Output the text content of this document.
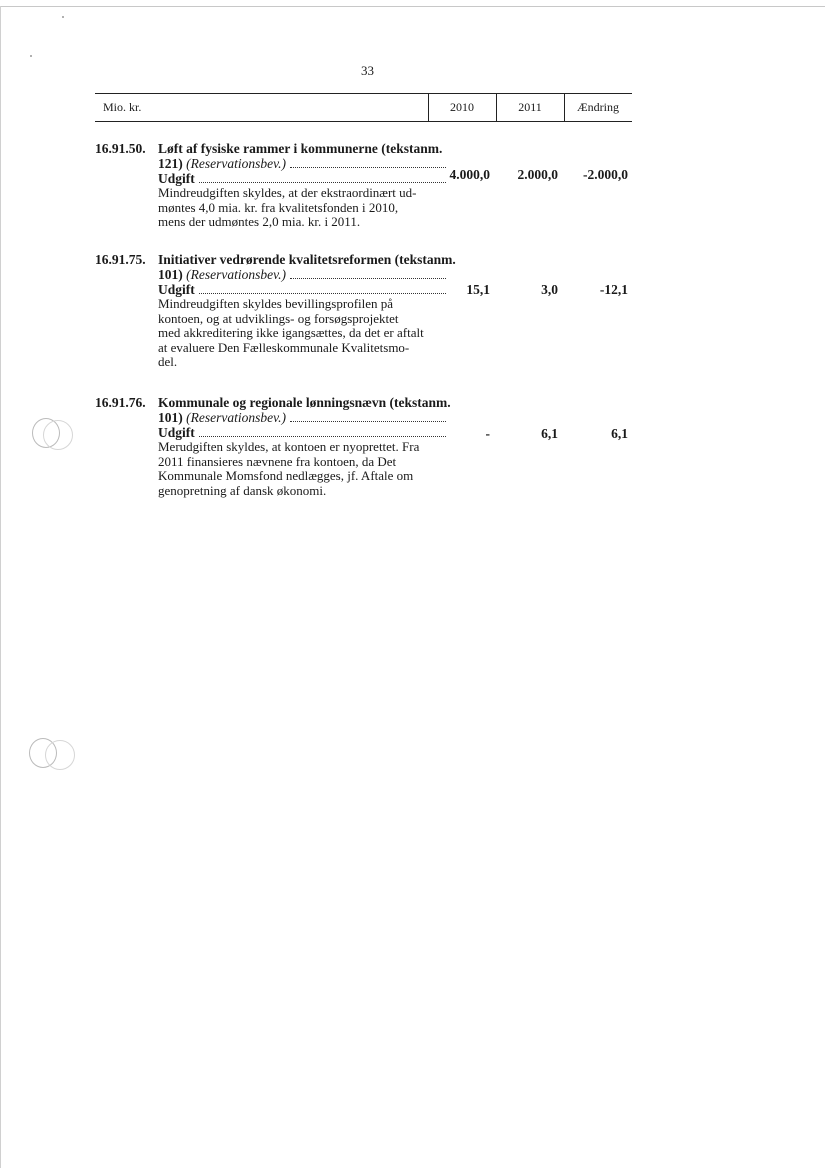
33
Mio. kr.	2010	2011	Ændring
16.91.50. Løft af fysiske rammer i kommunerne (tekstanm.
121) (Reservationsbev.)
Udgift
Mindreudgiften skyldes, at der ekstraordinært ud-
møntes 4,0 mia. kr. fra kvalitetsfonden i 2010,
mens der udmøntes 2,0 mia. kr. i 2011.
4.000,0	2.000,0	-2.000,0
16.91.75. Initiativer vedrørende kvalitetsreformen (tekstanm.
101) (Reservationsbev.)
Udgift
Mindreudgiften skyldes bevillingsprofilen på
kontoen, og at udviklings- og forsøgsprojektet
med akkreditering ikke igangsættes, da det er aftalt
at evaluere Den Fælleskommunale Kvalitetsmo-
del.
15,1	3,0	-12,1
16.91.76. Kommunale og regionale lønningsnævn (tekstanm.
101) (Reservationsbev.)
Udgift
Merudgiften skyldes, at kontoen er nyoprettet. Fra
2011 finansieres nævnene fra kontoen, da Det
Kommunale Momsfond nedlægges, jf. Aftale om
genopretning af dansk økonomi.
-	6,1	6,1
